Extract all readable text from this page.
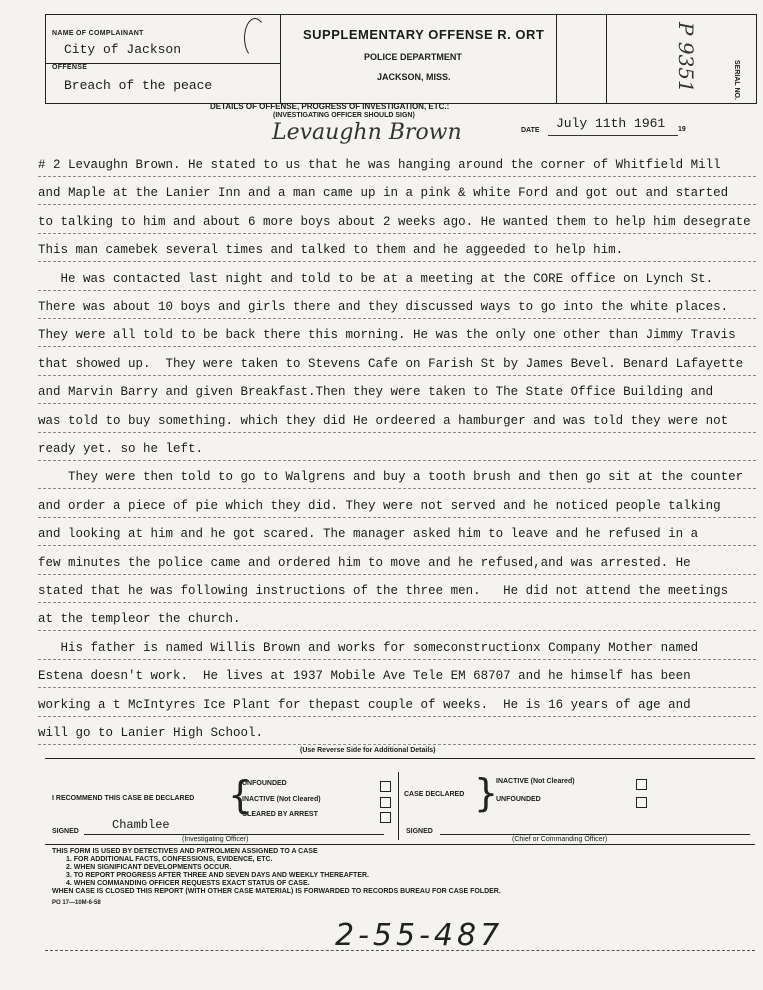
NAME OF COMPLAINANT
City of Jackson
OFFENSE
Breach of the peace
SUPPLEMENTARY OFFENSE R. ORT
POLICE DEPARTMENT
JACKSON, MISS.	SERIAL NO.
P 9351
DETAILS OF OFFENSE, PROGRESS OF INVESTIGATION, ETC.:
(INVESTIGATING OFFICER SHOULD SIGN)
Levaughn Brown	DATE July 11th 1961 19
# 2 Levaughn Brown. He stated to us that he was hanging around the corner of Whitfield Mill
and Maple at the Lanier Inn and a man came up in a pink & white Ford and got out and started
to talking to him and about 6 more boys about 2 weeks ago. He wanted them to help him desegrate
This man camebek several times and talked to them and he aggeeded to help him.
He was contacted last night and told to be at a meeting at the CORE office on Lynch St.
There was about 10 boys and girls there and they discussed ways to go into the white places.
They were all told to be back there this morning. He was the only one other than Jimmy Travis
that showed up.  They were taken to Stevens Cafe on Farish St by James Bevel. Benard Lafayette
and Marvin Barry and given Breakfast.Then they were taken to The State Office Building and
was told to buy something. which they did He ordeered a hamburger and was told they were not
ready yet. so he left.
They were then told to go to Walgrens and buy a tooth brush and then go sit at the counter
and order a piece of pie which they did. They were not served and he noticed people talking
and looking at him and he got scared. The manager asked him to leave and he refused in a
few minutes the police came and ordered him to move and he refused,and was arrested. He
stated that he was following instructions of the three men.   He did not attend the meetings
at the templeor the church.
His father is named Willis Brown and works for someconstructionx Company Mother named
Estena doesn't work.  He lives at 1937 Mobile Ave Tele EM 68707 and he himself has been
working a t McIntyres Ice Plant for thepast couple of weeks.  He is 16 years of age and
will go to Lanier High School.
(Use Reverse Side for Additional Details)
I RECOMMEND THIS CASE BE DECLARED {
UNFOUNDED
INACTIVE (Not Cleared)
CLEARED BY ARREST
CASE DECLARED }
INACTIVE (Not Cleared)
UNFOUNDED
SIGNED	Chamblee
(Investigating Officer)
SIGNED
(Chief or Commanding Officer)
THIS FORM IS USED BY DETECTIVES AND PATROLMEN ASSIGNED TO A CASE
1. FOR ADDITIONAL FACTS, CONFESSIONS, EVIDENCE, ETC.
2. WHEN SIGNIFICANT DEVELOPMENTS OCCUR.
3. TO REPORT PROGRESS AFTER THREE AND SEVEN DAYS AND WEEKLY THEREAFTER.
4. WHEN COMMANDING OFFICER REQUESTS EXACT STATUS OF CASE.
WHEN CASE IS CLOSED THIS REPORT (WITH OTHER CASE MATERIAL) IS FORWARDED TO RECORDS BUREAU FOR CASE FOLDER.
PO 17—10M-6-58
2-55-487
